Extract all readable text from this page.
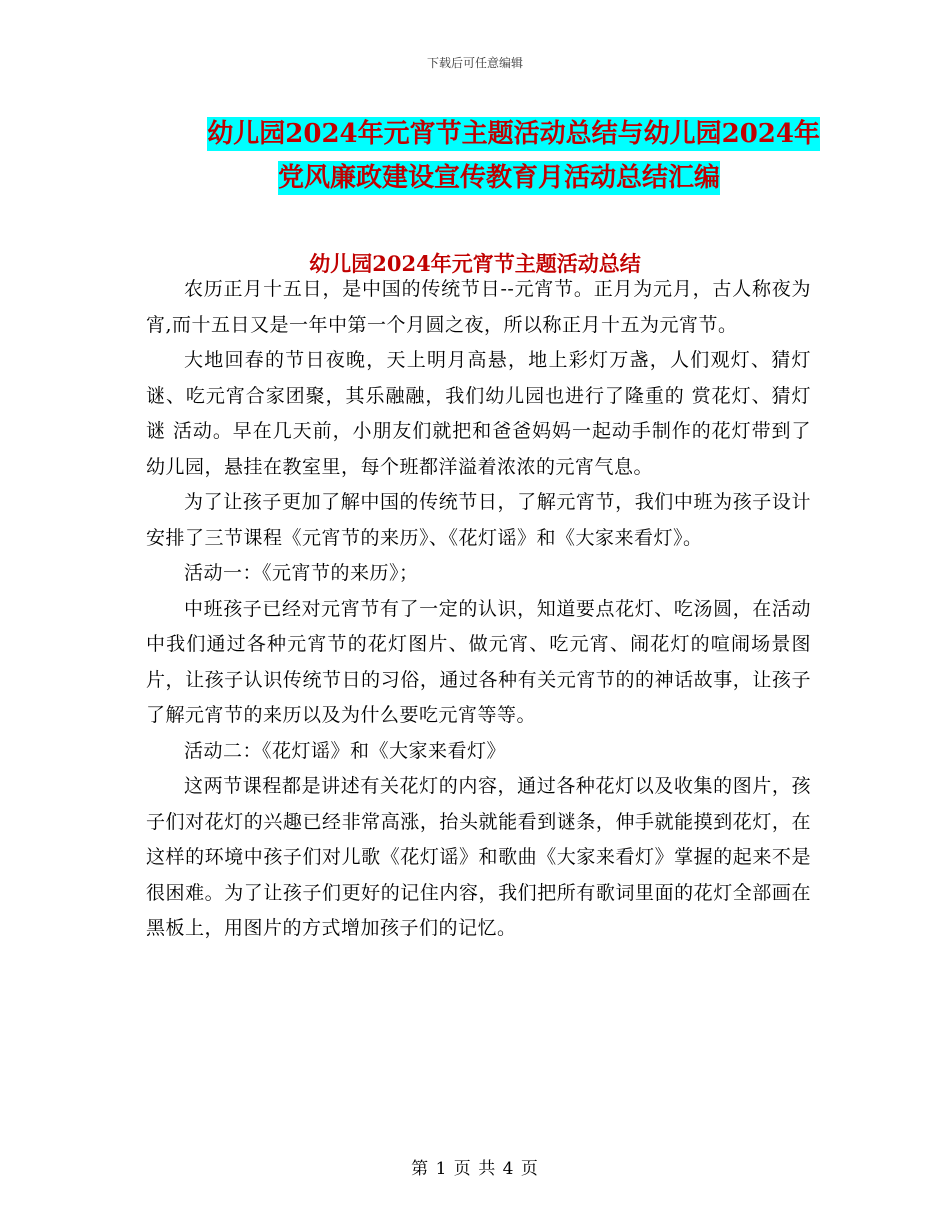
下载后可任意编辑
幼儿园2024年元宵节主题活动总结与幼儿园2024年
党风廉政建设宣传教育月活动总结汇编
幼儿园2024年元宵节主题活动总结

农历正月十五日，是中国的传统节日--元宵节。正月为元月，古人称夜为宵,而十五日又是一年中第一个月圆之夜，所以称正月十五为元宵节。

大地回春的节日夜晚，天上明月高悬，地上彩灯万盏，人们观灯、猜灯谜、吃元宵合家团聚，其乐融融，我们幼儿园也进行了隆重的 赏花灯、猜灯谜 活动。早在几天前，小朋友们就把和爸爸妈妈一起动手制作的花灯带到了幼儿园，悬挂在教室里，每个班都洋溢着浓浓的元宵气息。

为了让孩子更加了解中国的传统节日，了解元宵节，我们中班为孩子设计安排了三节课程《元宵节的来历》、《花灯谣》和《大家来看灯》。

活动一：《元宵节的来历》；

中班孩子已经对元宵节有了一定的认识，知道要点花灯、吃汤圆，在活动中我们通过各种元宵节的花灯图片、做元宵、吃元宵、闹花灯的喧闹场景图片，让孩子认识传统节日的习俗，通过各种有关元宵节的的神话故事，让孩子了解元宵节的来历以及为什么要吃元宵等等。

活动二：《花灯谣》和《大家来看灯》

这两节课程都是讲述有关花灯的内容，通过各种花灯以及收集的图片，孩子们对花灯的兴趣已经非常高涨，抬头就能看到谜条，伸手就能摸到花灯，在这样的环境中孩子们对儿歌《花灯谣》和歌曲《大家来看灯》掌握的起来不是很困难。为了让孩子们更好的记住内容，我们把所有歌词里面的花灯全部画在黑板上，用图片的方式增加孩子们的记忆。

第 1 页 共 4 页
